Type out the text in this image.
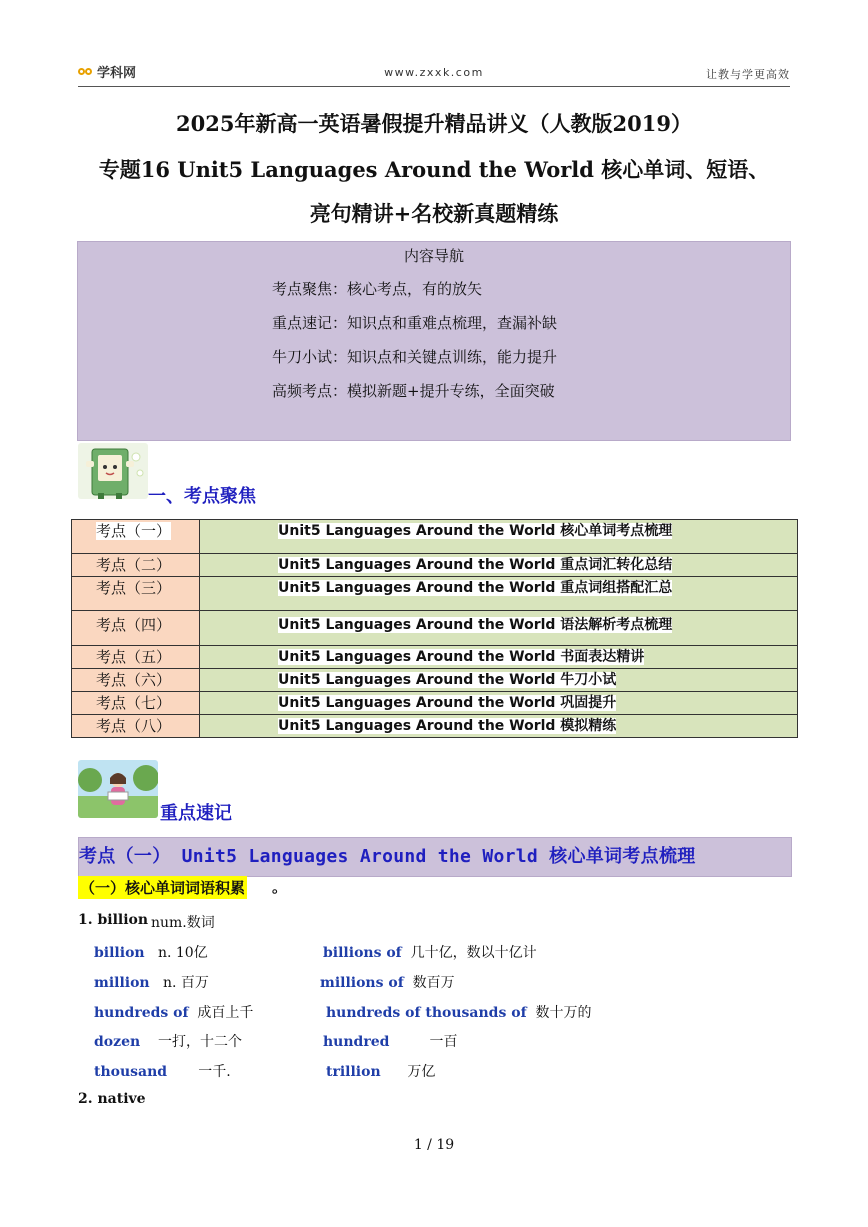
学科网	www.zxxk.com	让教与学更高效
2025年新高一英语暑假提升精品讲义（人教版2019）
专题16 Unit5 Languages Around the World 核心单词、短语、
亮句精讲+名校新真题精练
内容导航
考点聚焦：核心考点，有的放矢
重点速记：知识点和重难点梳理，查漏补缺
牛刀小试：知识点和关键点训练，能力提升
高频考点：模拟新题+提升专练，全面突破
一、考点聚焦
考点（一）	Unit5 Languages Around the World 核心单词考点梳理
考点（二）	Unit5 Languages Around the World 重点词汇转化总结
考点（三）	Unit5 Languages Around the World 重点词组搭配汇总
考点（四）	Unit5 Languages Around the World 语法解析考点梳理
考点（五）	Unit5 Languages Around the World 书面表达精讲
考点（六）	Unit5 Languages Around the World 牛刀小试
考点（七）	Unit5 Languages Around the World 巩固提升
考点（八）	Unit5 Languages Around the World 模拟精练
重点速记
考点（一） Unit5 Languages Around the World 核心单词考点梳理
（一）核心单词词语积累 。
1. billion num.数词
billion n. 10亿	billions of 几十亿，数以十亿计
million n. 百万	millions of 数百万
hundreds of 成百上千	hundreds of thousands of 数十万的
dozen 一打，十二个	hundred	一百
thousand 一千.	trillion 万亿
2. native
1 / 19
